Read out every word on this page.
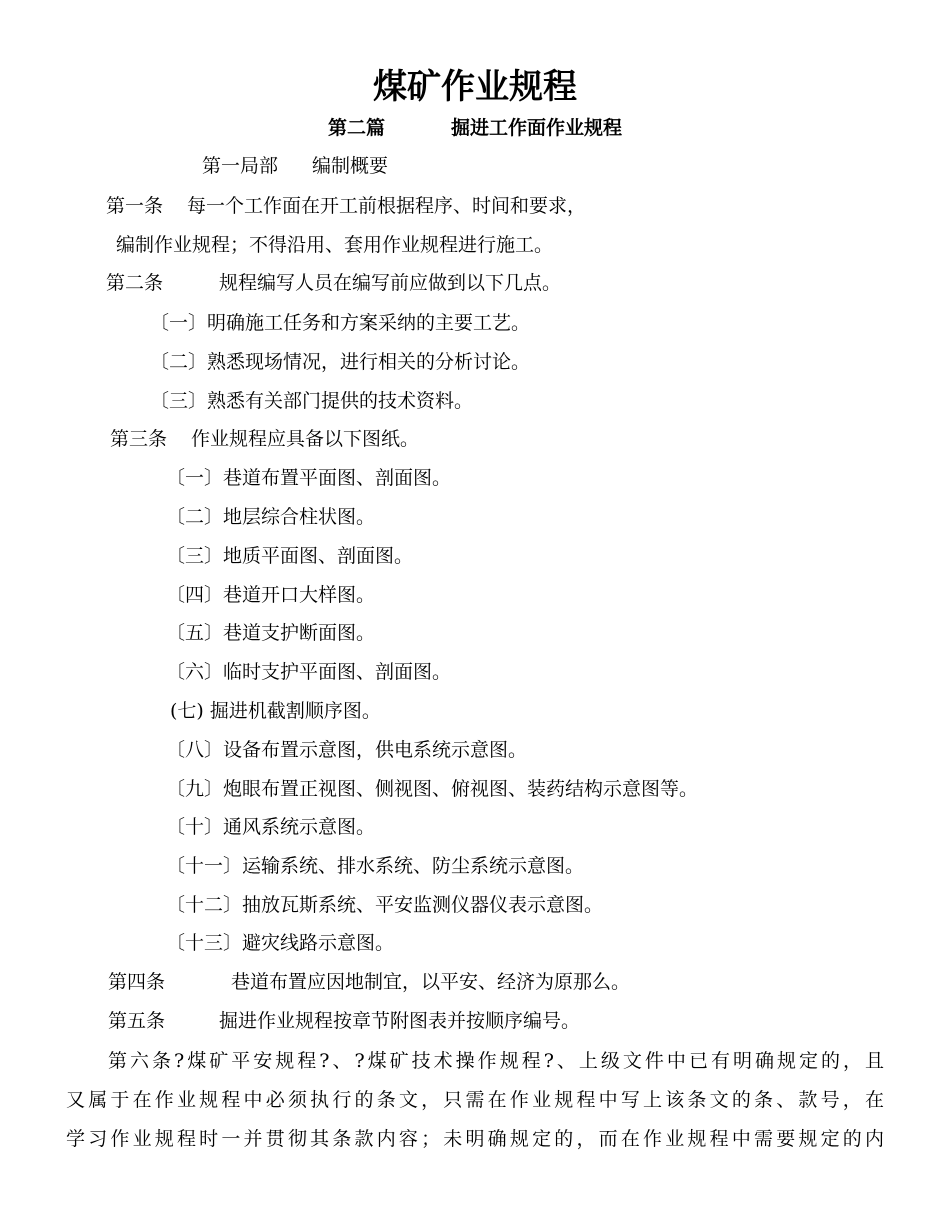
煤矿作业规程
第二篇	掘进工作面作业规程
第一局部 编制概要
第一条 每一个工作面在开工前根据程序、时间和要求，
编制作业规程；不得沿用、套用作业规程进行施工。
第二条	规程编写人员在编写前应做到以下几点。
〔一〕明确施工任务和方案采纳的主要工艺。
〔二〕熟悉现场情况，进行相关的分析讨论。
〔三〕熟悉有关部门提供的技术资料。
第三条 作业规程应具备以下图纸。
〔一〕巷道布置平面图、剖面图。
〔二〕地层综合柱状图。
〔三〕地质平面图、剖面图。
〔四〕巷道开口大样图。
〔五〕巷道支护断面图。
〔六〕临时支护平面图、剖面图。
(七) 掘进机截割顺序图。
〔八〕设备布置示意图，供电系统示意图。
〔九〕炮眼布置正视图、侧视图、俯视图、装药结构示意图等。
〔十〕通风系统示意图。
〔十一〕运输系统、排水系统、防尘系统示意图。
〔十二〕抽放瓦斯系统、平安监测仪器仪表示意图。
〔十三〕避灾线路示意图。
第四条	巷道布置应因地制宜，以平安、经济为原那么。
第五条	掘进作业规程按章节附图表并按顺序编号。
第六条?煤矿平安规程?、?煤矿技术操作规程?、上级文件中已有明确规定的，且
又属于在作业规程中必须执行的条文，只需在作业规程中写上该条文的条、款号，在
学习作业规程时一并贯彻其条款内容；未明确规定的，而在作业规程中需要规定的内
